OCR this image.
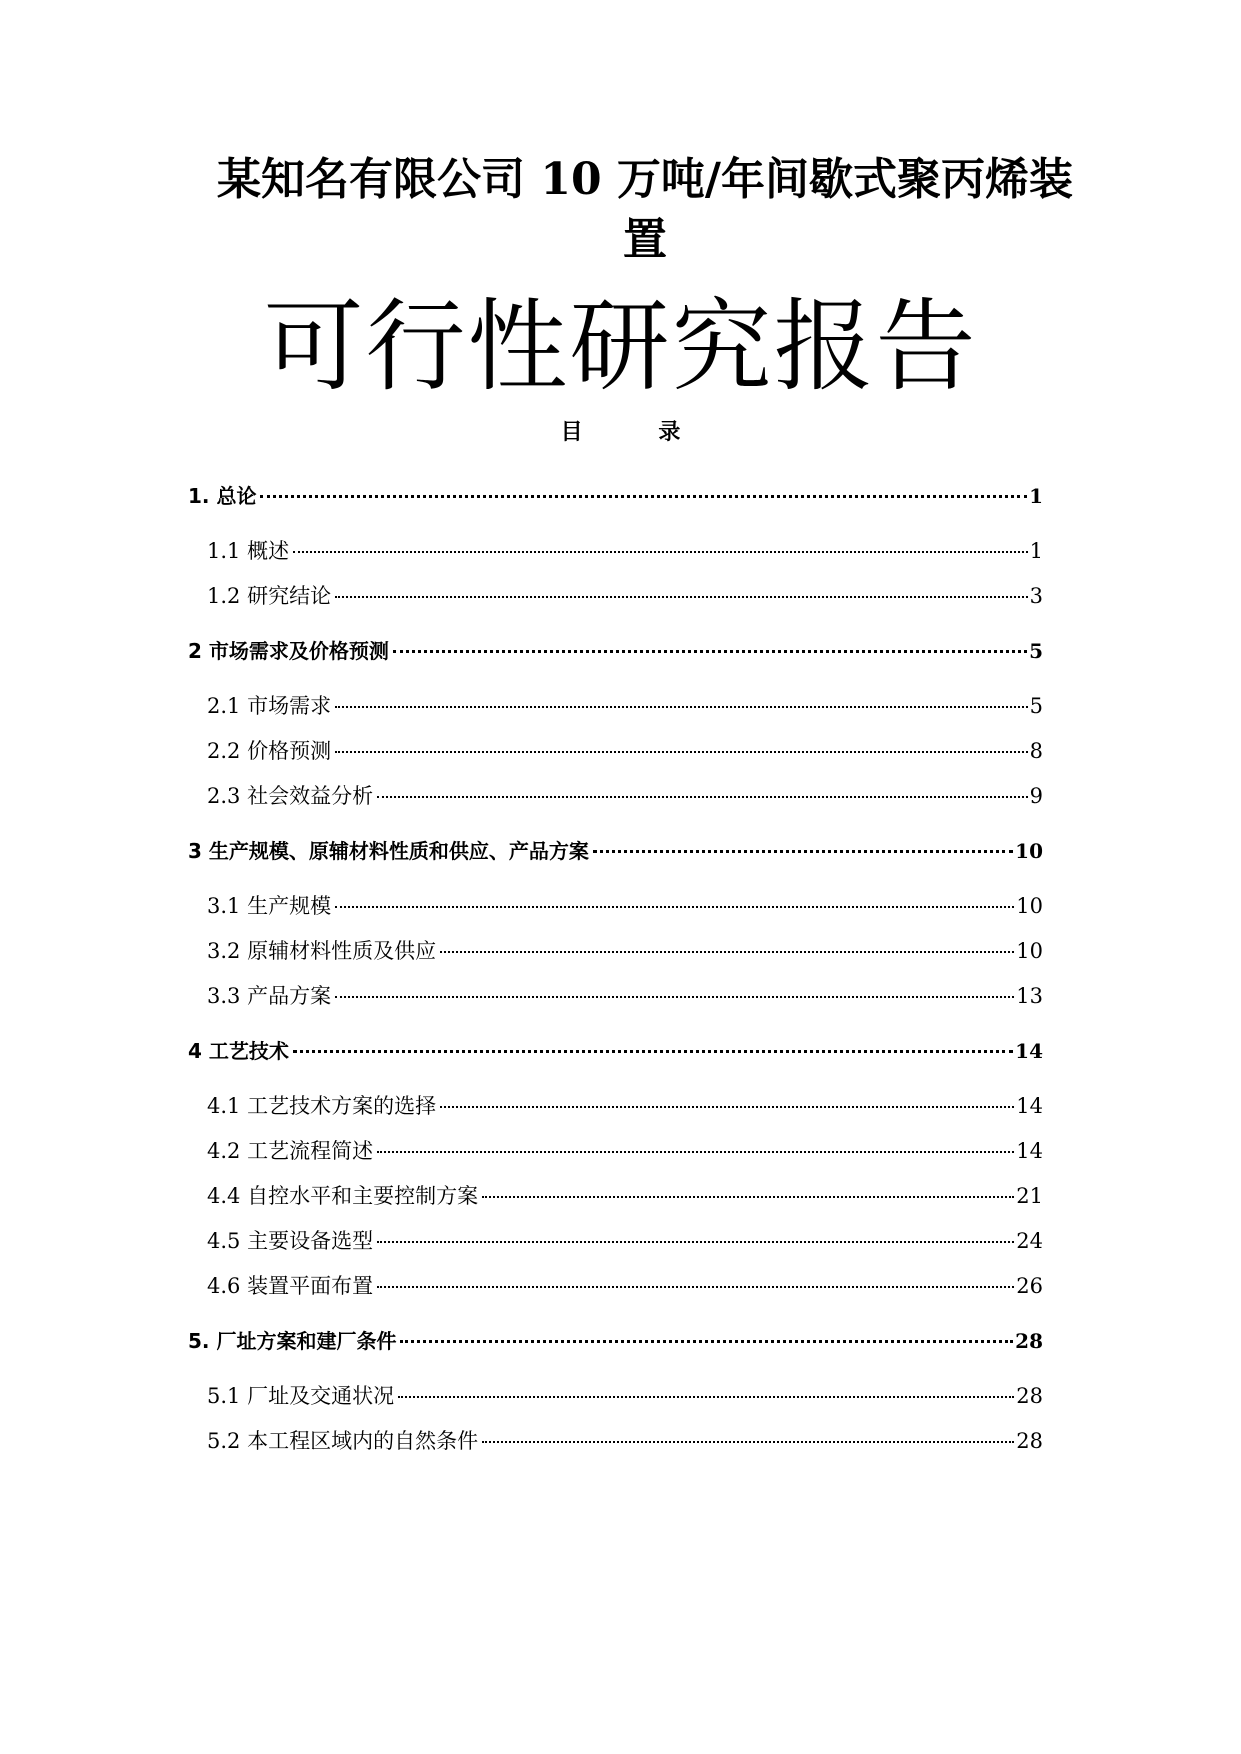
某知名有限公司 10 万吨/年间歇式聚丙烯装
置
可行性研究报告
目 录
1. 总论	1
1.1 概述	1
1.2 研究结论	3
2 市场需求及价格预测	5
2.1 市场需求	5
2.2 价格预测	8
2.3 社会效益分析	9
3 生产规模、原辅材料性质和供应、产品方案	10
3.1 生产规模	10
3.2 原辅材料性质及供应	10
3.3 产品方案	13
4 工艺技术	14
4.1 工艺技术方案的选择	14
4.2 工艺流程简述	14
4.4 自控水平和主要控制方案	21
4.5 主要设备选型	24
4.6 装置平面布置	26
5. 厂址方案和建厂条件	28
5.1 厂址及交通状况	28
5.2 本工程区域内的自然条件	28
